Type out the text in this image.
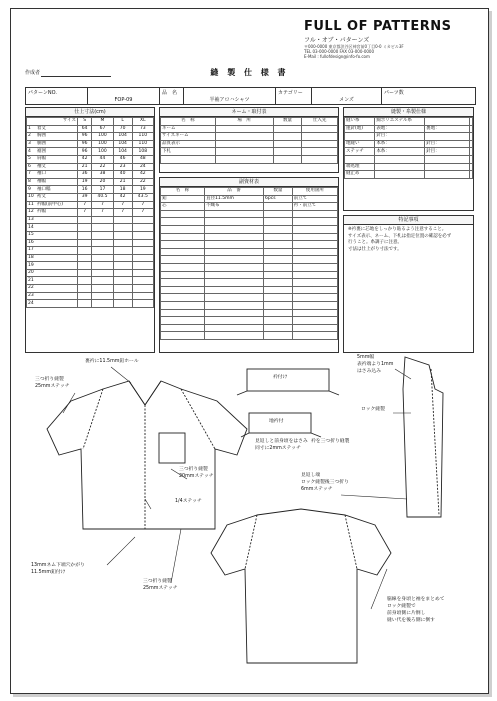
FULL OF PATTERNS
フル・オブ・パターンズ
〒000-0000 東京都渋谷区神宮前0丁目0-0 ミカビル3F
TEL 03-000-0000 FAX 03-000-0000
E-Mail : fullofdesign@info-fo.com
作成者	縫 製 仕 様 書
パターンNO.
FOP-09
品　名
半袖アロハシャツ
カテゴリー
メンズ
パーツ数
仕上寸法(cm)
サイズ	S	M	L	XL
1 着丈	64	67	70	73
2 胸囲	96	100	104	110
3 胴囲	96	100	104	110
4 裾囲	96	100	104	108
5 肩幅	42	44	46	48
6 袖丈	21	22	23	24
7 袖口	36	38	40	42
8 袖幅	19	20	21	22
9 袖口幅	16	17	18	19
10 裄丈	39	40.5	42	43.5
11 衿幅(前中心)	7	7	7	7
12 衿幅	7	7	7	7
13				
14				
15				
16				
17				
18				
19				
20				
21				
22				
23				
24				
ネーム・取付表
名　称	場　所	数量	仕入先
ネーム			
サイズネーム			
品質表示			
下札			

副資材表
名　称	品　番	数量	使用箇所
釦	直径11.5mm	6pcs	前立て
芯	不織布		衿・前立て

縫製・糸製仕様
縫い糸	綿ポリエステル糸		
運針(地)	表地：	裏地：	
	針目：		
地縫い	本糸：	針目：	
ステッチ	本糸：	針目：	

端処理			
縫止め			
特記事項
※衿裏に芯地をしっかり貼るよう注意すること。
サイズ表示、ネーム、下札は指定位置の確認を必ず
行うこと。糸調子に注意。
寸法は仕上がり寸法です。
裏衿に11.5mm釦ホール
三つ折り縫製
25mmステッチ
三つ折り縫製
20mmステッチ
1/4ステッチ
13mmネム下端穴かがり
11.5mm釦付け
三つ折り縫製
25mmステッチ
衿付け
地衿付
見返しと前身頃をはさみ
同寸に2mmステッチ
衿を三つ折り縫製
5mm幅
表衿端より1mm
はさみ込み
ロック縫製
見返し端
ロック縫製後三つ折り
6mmステッチ
脇線を身頃と袖をまとめて
ロック縫製で
前身頃側に片倒し
縫い代を後ろ側に倒す
